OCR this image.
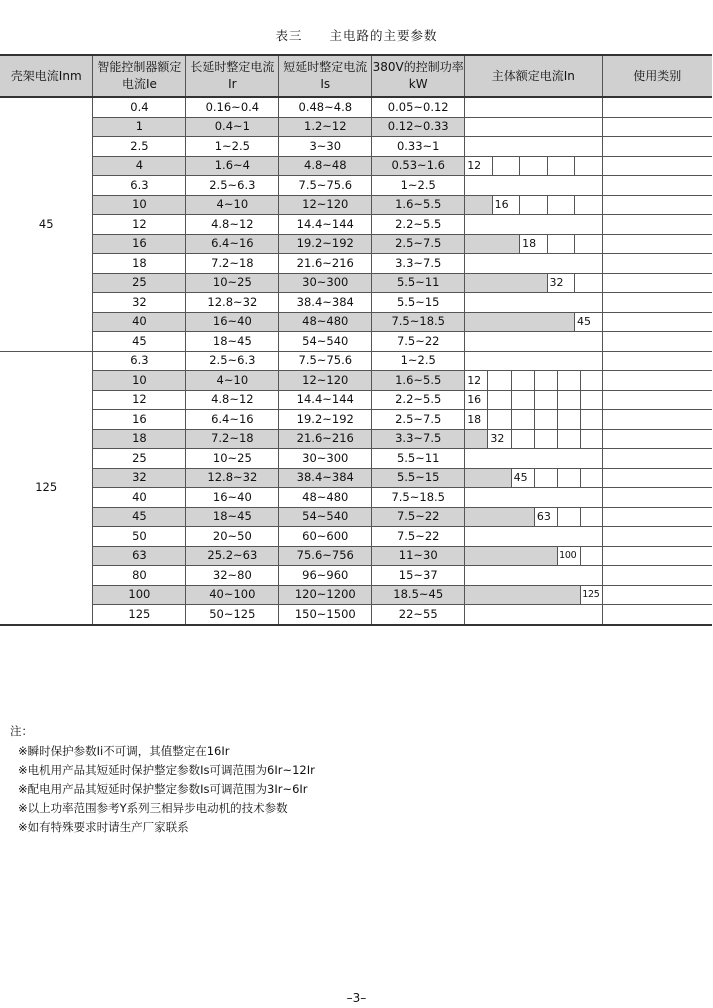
表三　　主电路的主要参数
壳架电流Inm	智能控制器额定电流Ie	长延时整定电流Ir	短延时整定电流Is	380V的控制功率kW	主体额定电流In										使用类别
45	0.4	0.16~0.4	0.48~4.8	0.05~0.12											
	1	0.4~1	1.2~12	0.12~0.33											
	2.5	1~2.5	3~30	0.33~1											
	4	1.6~4	4.8~48	0.53~1.6	12										
	6.3	2.5~6.3	7.5~75.6	1~2.5											
	10	4~10	12~120	1.6~5.5			16								
	12	4.8~12	14.4~144	2.2~5.5											
	16	6.4~16	19.2~192	2.5~7.5					18						
	18	7.2~18	21.6~216	3.3~7.5											
	25	10~25	30~300	5.5~11							32				
	32	12.8~32	38.4~384	5.5~15											
	40	16~40	48~480	7.5~18.5									45		
	45	18~45	54~540	7.5~22											
125	6.3	2.5~6.3	7.5~75.6	1~2.5											
	10	4~10	12~120	1.6~5.5	12										
	12	4.8~12	14.4~144	2.2~5.5	16										
	16	6.4~16	19.2~192	2.5~7.5	18										
	18	7.2~18	21.6~216	3.3~7.5		32									
	25	10~25	30~300	5.5~11											
	32	12.8~32	38.4~384	5.5~15				45							
	40	16~40	48~480	7.5~18.5											
	45	18~45	54~540	7.5~22						63					
	50	20~50	60~600	7.5~22											
	63	25.2~63	75.6~756	11~30								100			
	80	32~80	96~960	15~37											
	100	40~100	120~1200	18.5~45										125	
	125	50~125	150~1500	22~55											
注：
※瞬时保护参数Ii不可调，其值整定在16Ir
※电机用产品其短延时保护整定参数Is可调范围为6Ir~12Ir
※配电用产品其短延时保护整定参数Is可调范围为3Ir~6Ir
※以上功率范围参考Y系列三相异步电动机的技术参数
※如有特殊要求时请生产厂家联系
–3–
